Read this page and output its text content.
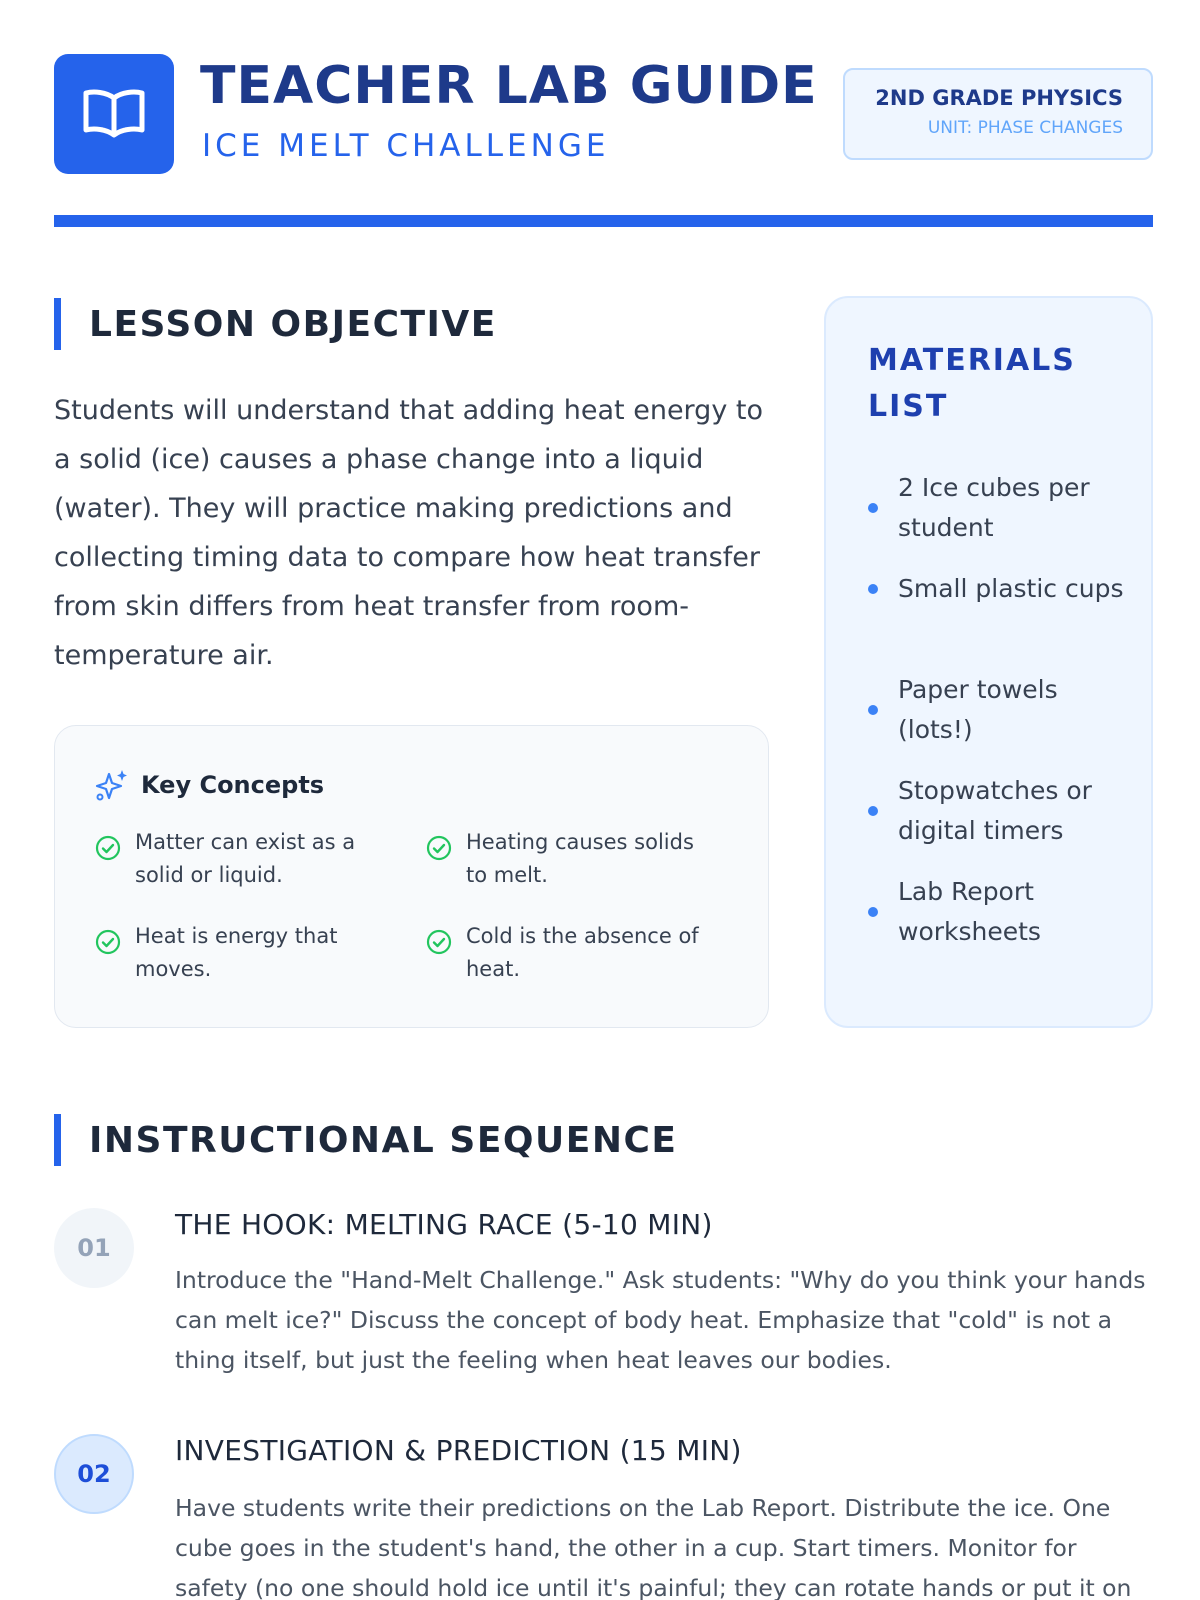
TEACHER LAB GUIDE
ICE MELT CHALLENGE
2ND GRADE PHYSICS
UNIT: PHASE CHANGES
LESSON OBJECTIVE

Students will understand that adding heat energy to a solid (ice) causes a phase change into a liquid (water). They will practice making predictions and collecting timing data to compare how heat transfer from skin differs from heat transfer from room-temperature air.

Key Concepts
Matter can exist as a solid or liquid.
Heating causes solids to melt.
Heat is energy that moves.
Cold is the absence of heat.
MATERIALS LIST
2 Ice cubes per student
Small plastic cups
Paper towels (lots!)
Stopwatches or digital timers
Lab Report worksheets
INSTRUCTIONAL SEQUENCE
01
THE HOOK: MELTING RACE (5-10 MIN)

Introduce the "Hand-Melt Challenge." Ask students: "Why do you think your hands can melt ice?" Discuss the concept of body heat. Emphasize that "cold" is not a thing itself, but just the feeling when heat leaves our bodies.

02
INVESTIGATION & PREDICTION (15 MIN)

Have students write their predictions on the Lab Report. Distribute the ice. One cube goes in the student's hand, the other in a cup. Start timers. Monitor for safety (no one should hold ice until it's painful; they can rotate hands or put it on
